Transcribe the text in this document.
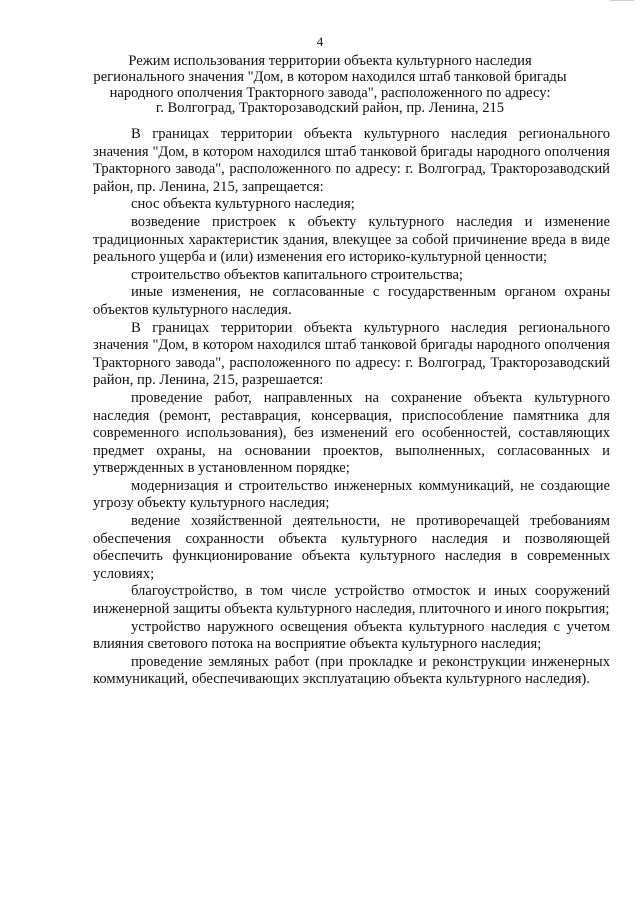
4
Режим использования территории объекта культурного наследия
регионального значения "Дом, в котором находился штаб танковой бригады
народного ополчения Тракторного завода", расположенного по адресу:
г. Волгоград, Тракторозаводский район, пр. Ленина, 215

В границах территории объекта культурного наследия регионального значения "Дом, в котором находился штаб танковой бригады народного ополчения Тракторного завода", расположенного по адресу: г. Волгоград, Тракторозаводский район, пр. Ленина, 215, запрещается:

снос объекта культурного наследия;

возведение пристроек к объекту культурного наследия и изменение традиционных характеристик здания, влекущее за собой причинение вреда в виде реального ущерба и (или) изменения его историко-культурной ценности;

строительство объектов капитального строительства;

иные изменения, не согласованные с государственным органом охраны объектов культурного наследия.

В границах территории объекта культурного наследия регионального значения "Дом, в котором находился штаб танковой бригады народного ополчения Тракторного завода", расположенного по адресу: г. Волгоград, Тракторозаводский район, пр. Ленина, 215, разрешается:

проведение работ, направленных на сохранение объекта культурного наследия (ремонт, реставрация, консервация, приспособление памятника для современного использования), без изменений его особенностей, составляющих предмет охраны, на основании проектов, выполненных, согласованных и утвержденных в установленном порядке;

модернизация и строительство инженерных коммуникаций, не создающие угрозу объекту культурного наследия;

ведение хозяйственной деятельности, не противоречащей требованиям обеспечения сохранности объекта культурного наследия и позволяющей обеспечить функционирование объекта культурного наследия в современных условиях;

благоустройство, в том числе устройство отмосток и иных сооружений инженерной защиты объекта культурного наследия, плиточного и иного покрытия;

устройство наружного освещения объекта культурного наследия с учетом влияния светового потока на восприятие объекта культурного наследия;

проведение земляных работ (при прокладке и реконструкции инженерных коммуникаций, обеспечивающих эксплуатацию объекта культурного наследия).
